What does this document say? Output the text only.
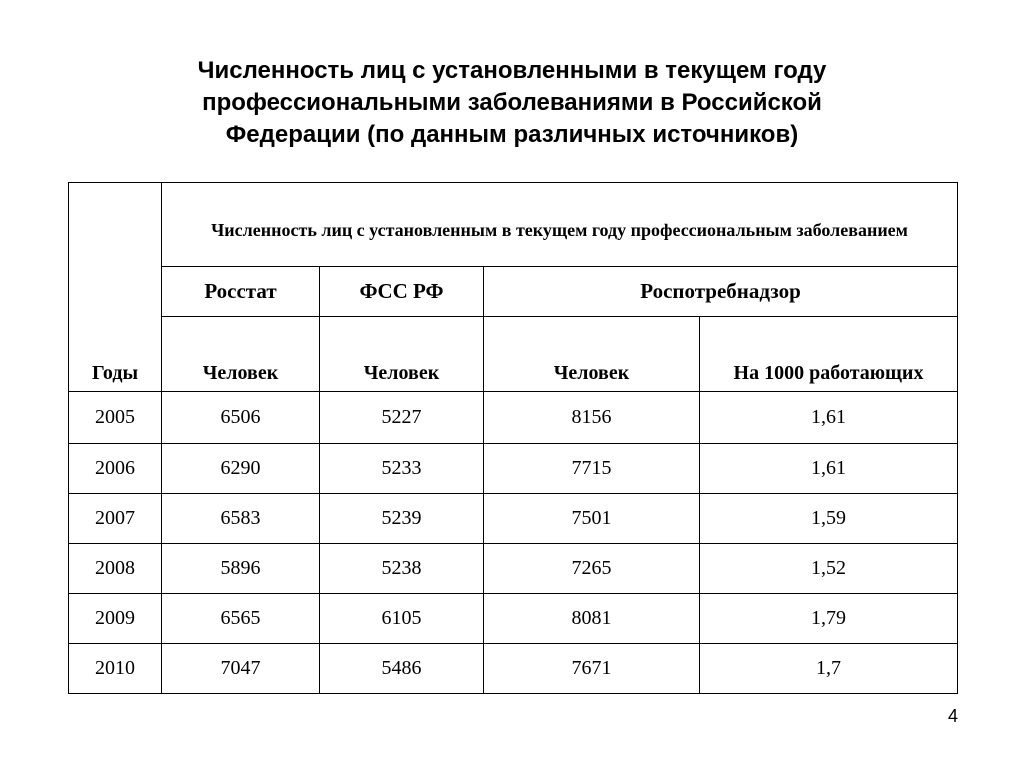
Численность лиц с установленными в текущем году
профессиональными заболеваниями в Российской
Федерации (по данным различных источников)
Годы	Численность лиц с установленным в текущем году профессиональным заболеванием			
	Росстат	ФСС РФ	Роспотребнадзор	
	Человек	Человек	Человек	На 1000 работающих
2005	6506	5227	8156	1,61
2006	6290	5233	7715	1,61
2007	6583	5239	7501	1,59
2008	5896	5238	7265	1,52
2009	6565	6105	8081	1,79
2010	7047	5486	7671	1,7
4
